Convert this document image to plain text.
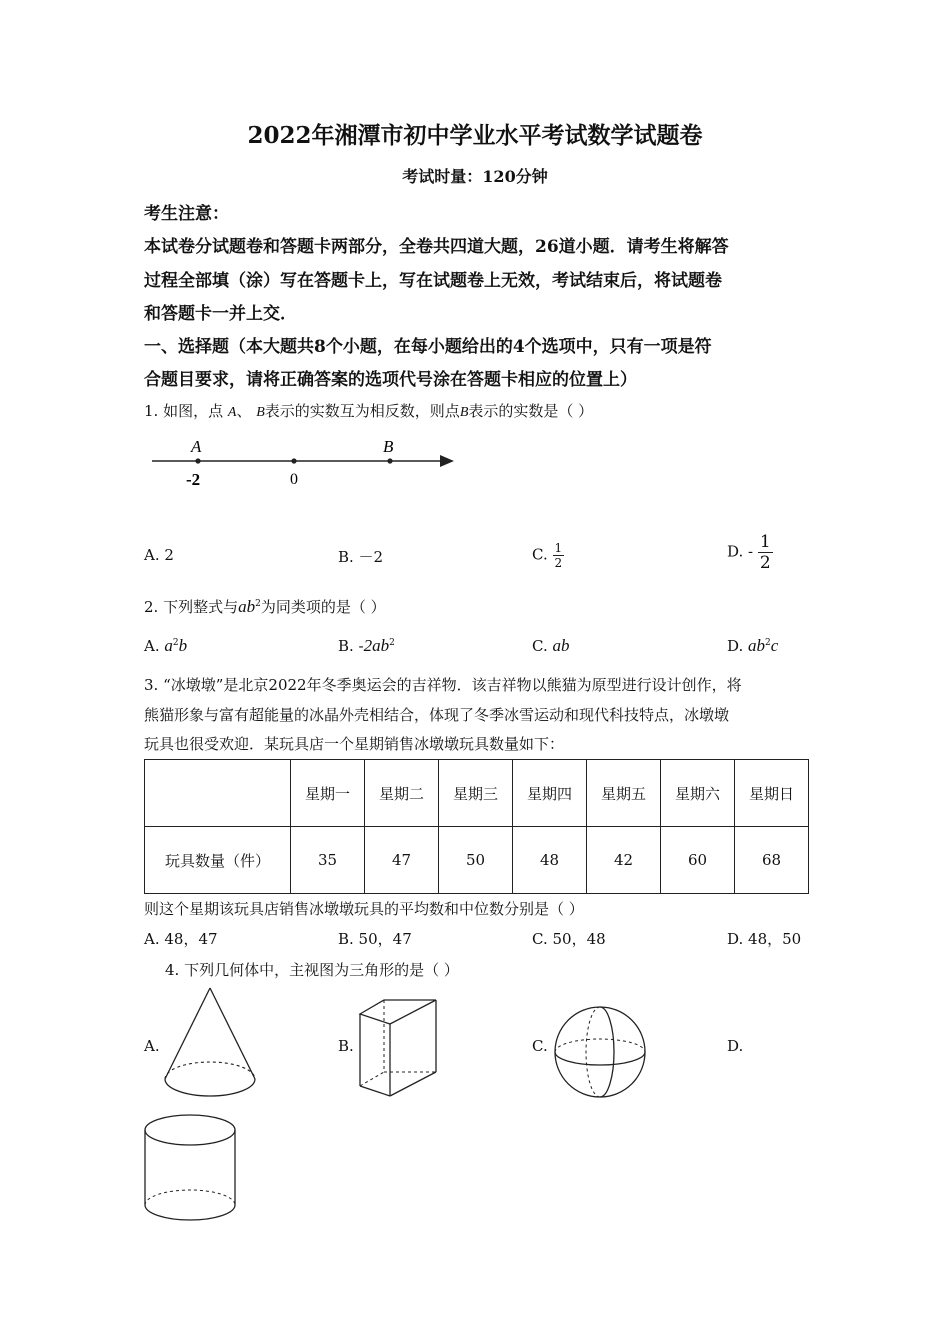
2022年湘潭市初中学业水平考试数学试题卷
考试时量：120分钟
考生注意：
本试卷分试题卷和答题卡两部分，全卷共四道大题，26道小题．请考生将解答
过程全部填（涂）写在答题卡上，写在试题卷上无效，考试结束后，将试题卷
和答题卡一并上交．
一、选择题（本大题共8个小题，在每小题给出的4个选项中，只有一项是符
合题目要求，请将正确答案的选项代号涂在答题卡相应的位置上）
1. 如图，点 A、 B表示的实数互为相反数，则点B表示的实数是（ ）
A	B
-2	0
A. 2	B. －2	C. $\frac{1}{2}$	D. - $\frac{1}{2}$
2. 下列整式与$ab^2$为同类项的是（ ）
A. $a^2b$	B. $-2ab^2$	C. ab	D. $ab^2c$
3. “冰墩墩”是北京2022年冬季奥运会的吉祥物．该吉祥物以熊猫为原型进行设计创作，将
熊猫形象与富有超能量的冰晶外壳相结合，体现了冬季冰雪运动和现代科技特点，冰墩墩
玩具也很受欢迎．某玩具店一个星期销售冰墩墩玩具数量如下：
	星期一	星期二	星期三	星期四	星期五	星期六	星期日
玩具数量（件）	35	47	50	48	42	60	68
则这个星期该玩具店销售冰墩墩玩具的平均数和中位数分别是（ ）
A. 48，47	B. 50，47	C. 50，48	D. 48，50
4. 下列几何体中，主视图为三角形的是（ ）
A.	B.	C.	D.
